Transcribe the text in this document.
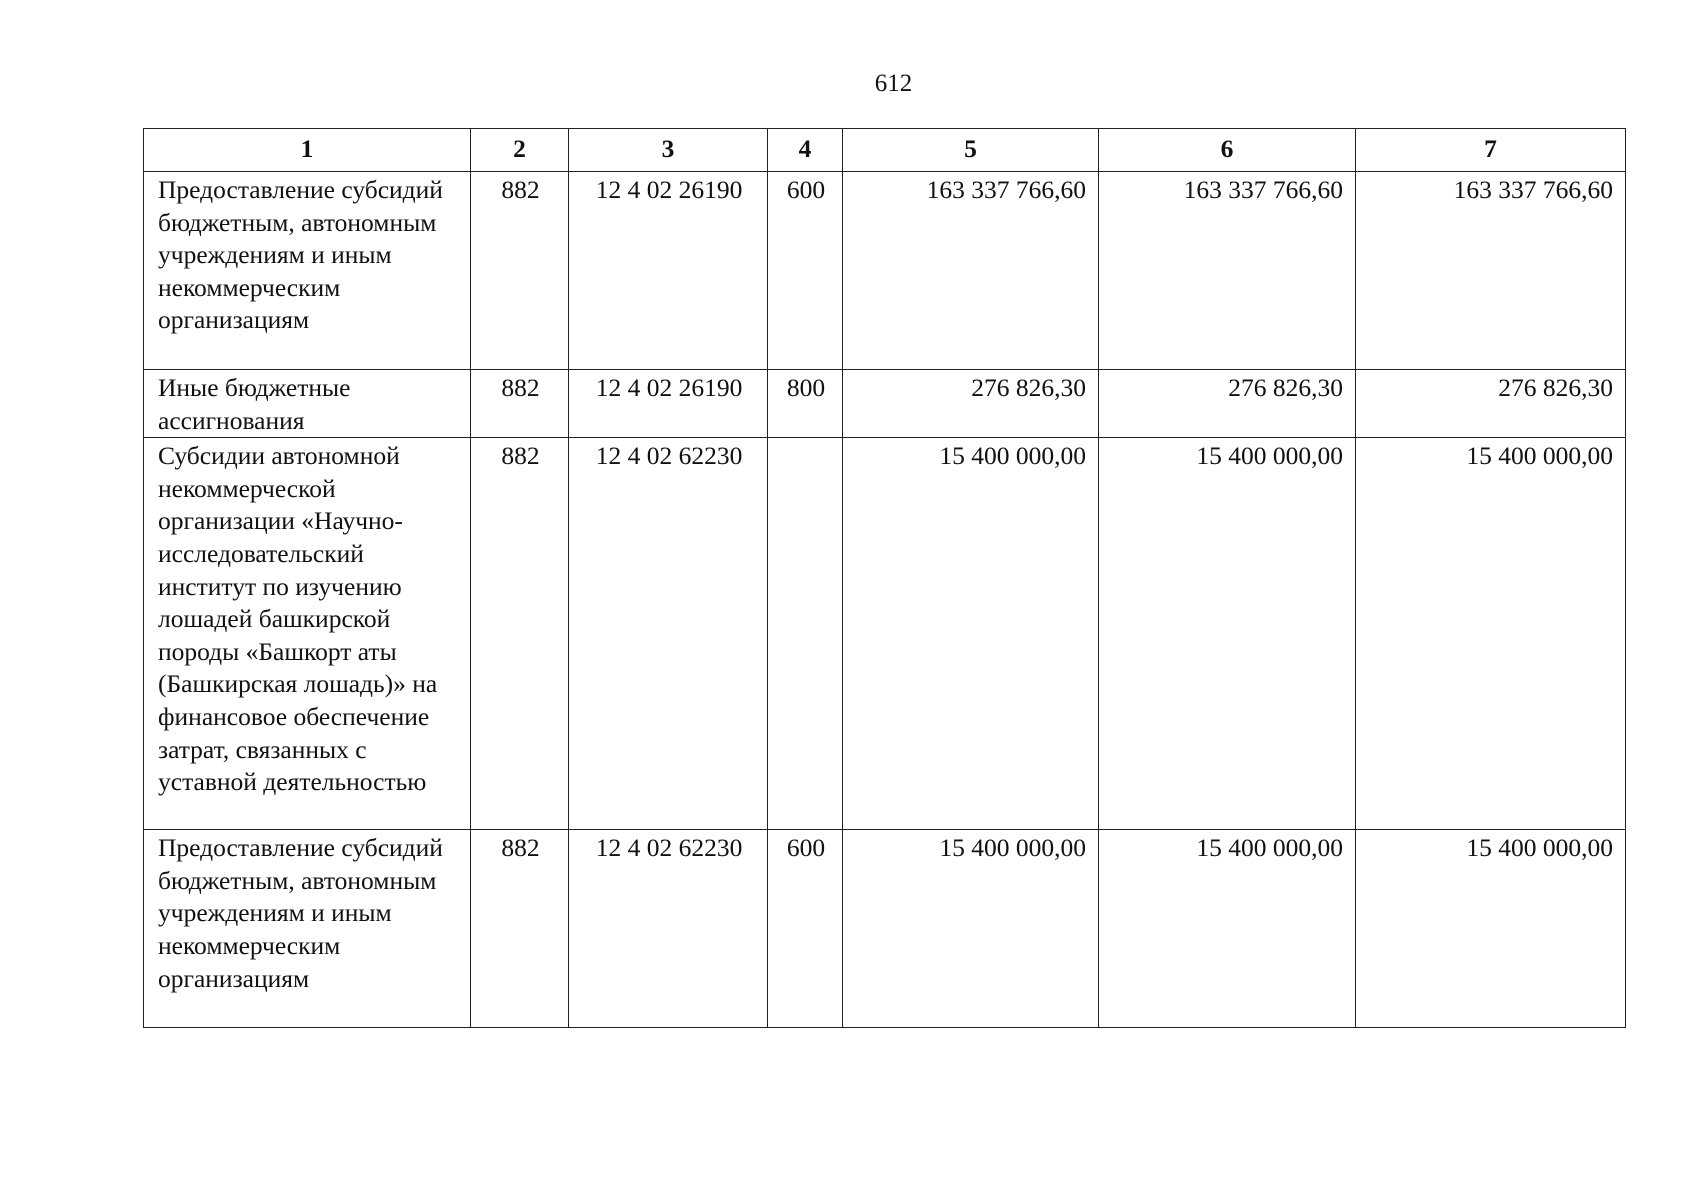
612
1	2	3	4	5	6	7
Предоставление субсидий бюджетным, автономным учреждениям и иным некоммерческим организациям	882	12 4 02 26190	600	163 337 766,60	163 337 766,60	163 337 766,60
Иные бюджетные ассигнования	882	12 4 02 26190	800	276 826,30	276 826,30	276 826,30
Субсидии автономной некоммерческой организации «Научно-исследовательский институт по изучению лошадей башкирской породы «Башкорт аты (Башкирская лошадь)» на финансовое обеспечение затрат, связанных с уставной деятельностью	882	12 4 02 62230		15 400 000,00	15 400 000,00	15 400 000,00
Предоставление субсидий бюджетным, автономным учреждениям и иным некоммерческим организациям	882	12 4 02 62230	600	15 400 000,00	15 400 000,00	15 400 000,00
